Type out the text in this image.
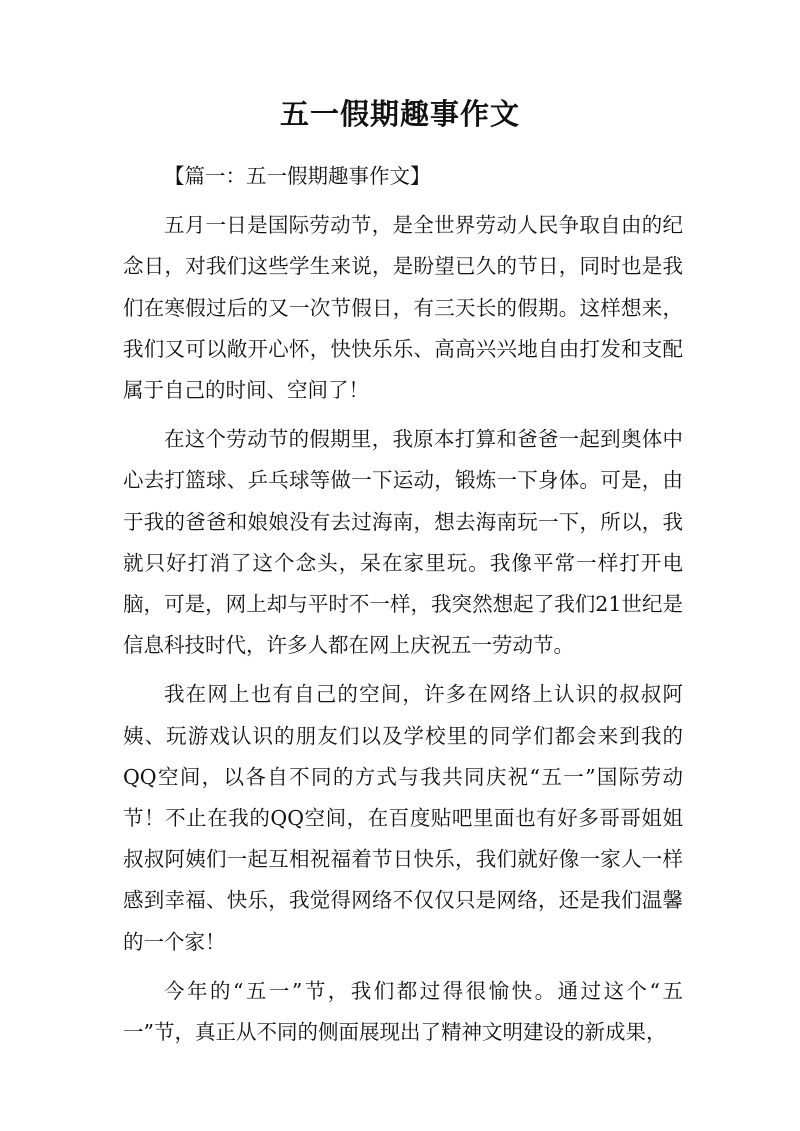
五一假期趣事作文

【篇一：五一假期趣事作文】

五月一日是国际劳动节，是全世界劳动人民争取自由的纪念日，对我们这些学生来说，是盼望已久的节日，同时也是我们在寒假过后的又一次节假日，有三天长的假期。这样想来，我们又可以敞开心怀，快快乐乐、高高兴兴地自由打发和支配属于自己的时间、空间了！

在这个劳动节的假期里，我原本打算和爸爸一起到奥体中心去打篮球、乒乓球等做一下运动，锻炼一下身体。可是，由于我的爸爸和娘娘没有去过海南，想去海南玩一下，所以，我就只好打消了这个念头，呆在家里玩。我像平常一样打开电脑，可是，网上却与平时不一样，我突然想起了我们21世纪是信息科技时代，许多人都在网上庆祝五一劳动节。

我在网上也有自己的空间，许多在网络上认识的叔叔阿姨、玩游戏认识的朋友们以及学校里的同学们都会来到我的QQ空间，以各自不同的方式与我共同庆祝“五一”国际劳动节！不止在我的QQ空间，在百度贴吧里面也有好多哥哥姐姐叔叔阿姨们一起互相祝福着节日快乐，我们就好像一家人一样感到幸福、快乐，我觉得网络不仅仅只是网络，还是我们温馨的一个家！

今年的“五一”节，我们都过得很愉快。通过这个“五一”节，真正从不同的侧面展现出了精神文明建设的新成果，
